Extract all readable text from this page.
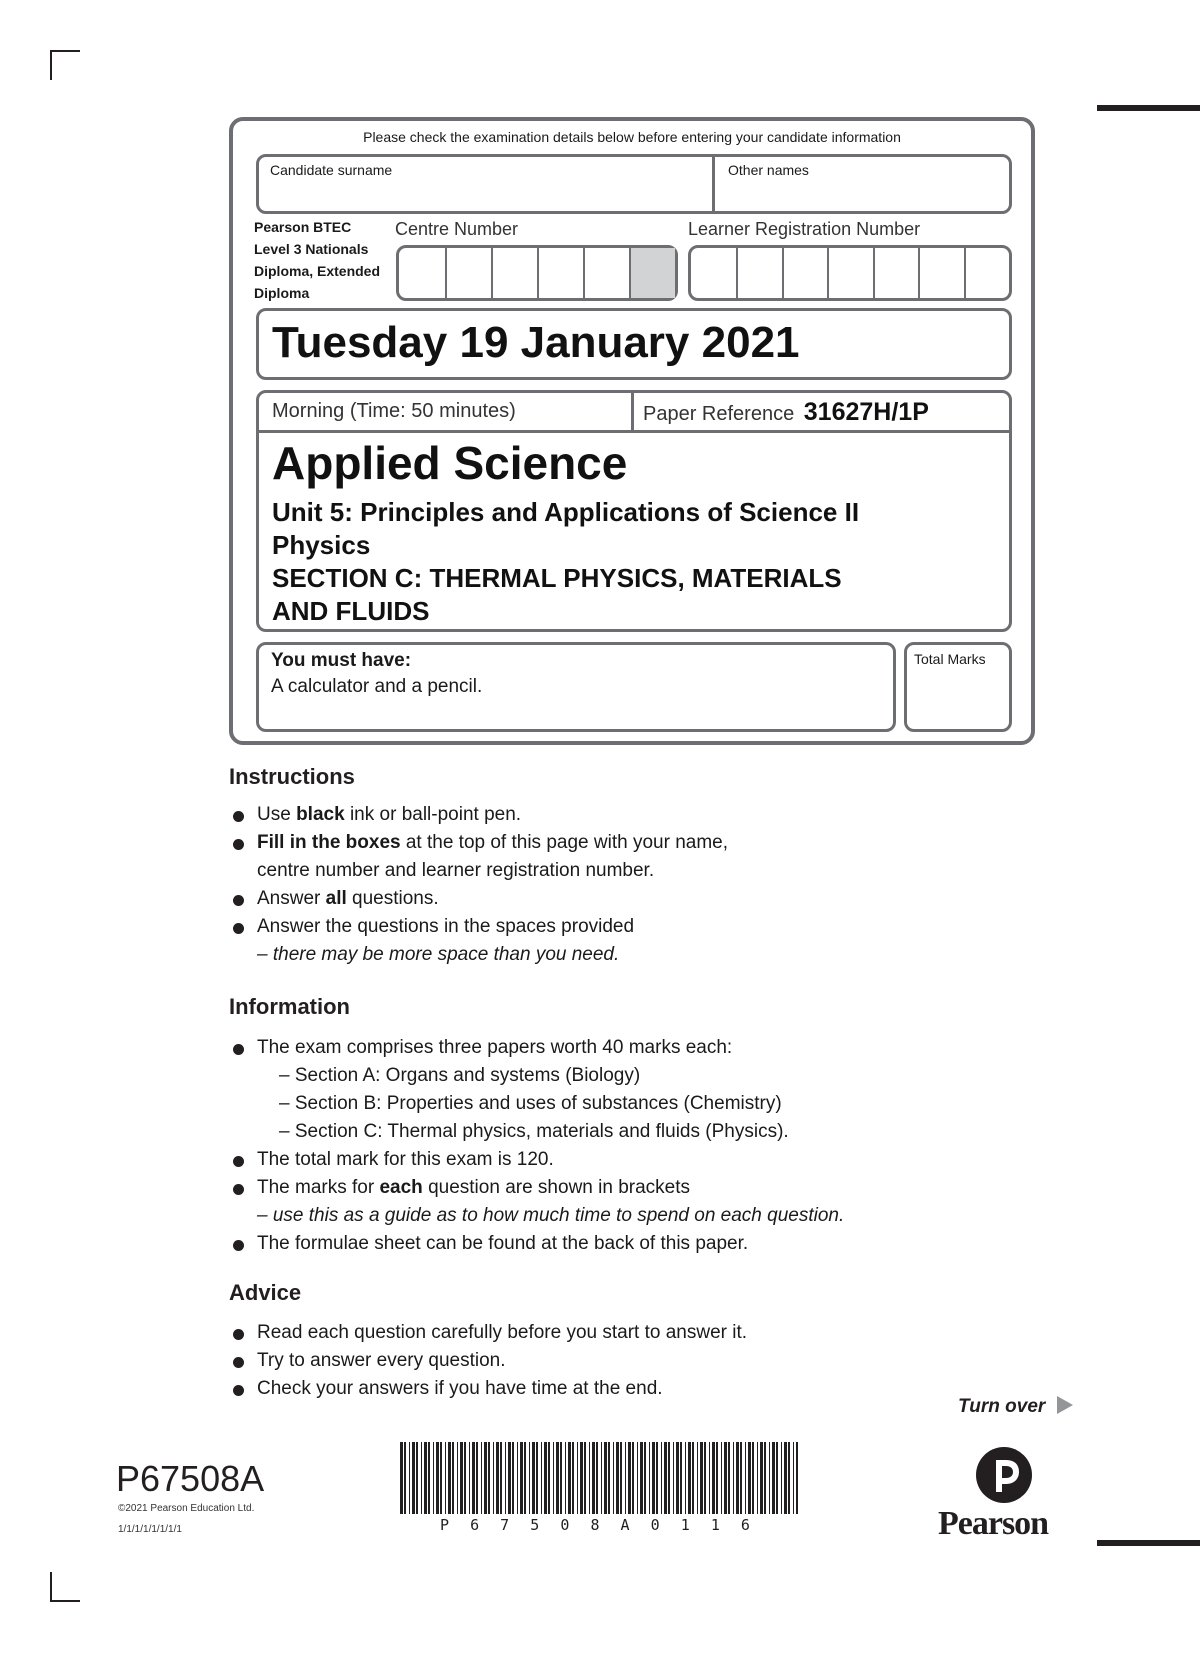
Please check the examination details below before entering your candidate information
Candidate surname	Other names
Pearson BTEC
Level 3 Nationals
Diploma, Extended
Diploma
Centre Number	Learner Registration Number
Tuesday 19 January 2021
Morning (Time: 50 minutes)	Paper Reference 31627H/1P
Applied Science
Unit 5: Principles and Applications of Science II
Physics
SECTION C: THERMAL PHYSICS, MATERIALS
AND FLUIDS
You must have:
A calculator and a pencil.
Total Marks
Instructions
Use black ink or ball-point pen.
Fill in the boxes at the top of this page with your name,
centre number and learner registration number.
Answer all questions.
Answer the questions in the spaces provided
– there may be more space than you need.
Information
The exam comprises three papers worth 40 marks each:
– Section A: Organs and systems (Biology)
– Section B: Properties and uses of substances (Chemistry)
– Section C: Thermal physics, materials and fluids (Physics).
The total mark for this exam is 120.
The marks for each question are shown in brackets
– use this as a guide as to how much time to spend on each question.
The formulae sheet can be found at the back of this paper.
Advice
Read each question carefully before you start to answer it.
Try to answer every question.
Check your answers if you have time at the end.
Turn over
P67508A
©2021 Pearson Education Ltd.
1/1/1/1/1/1/1/1	P  6  7  5  0  8  A  0  1  1  6	Pearson
